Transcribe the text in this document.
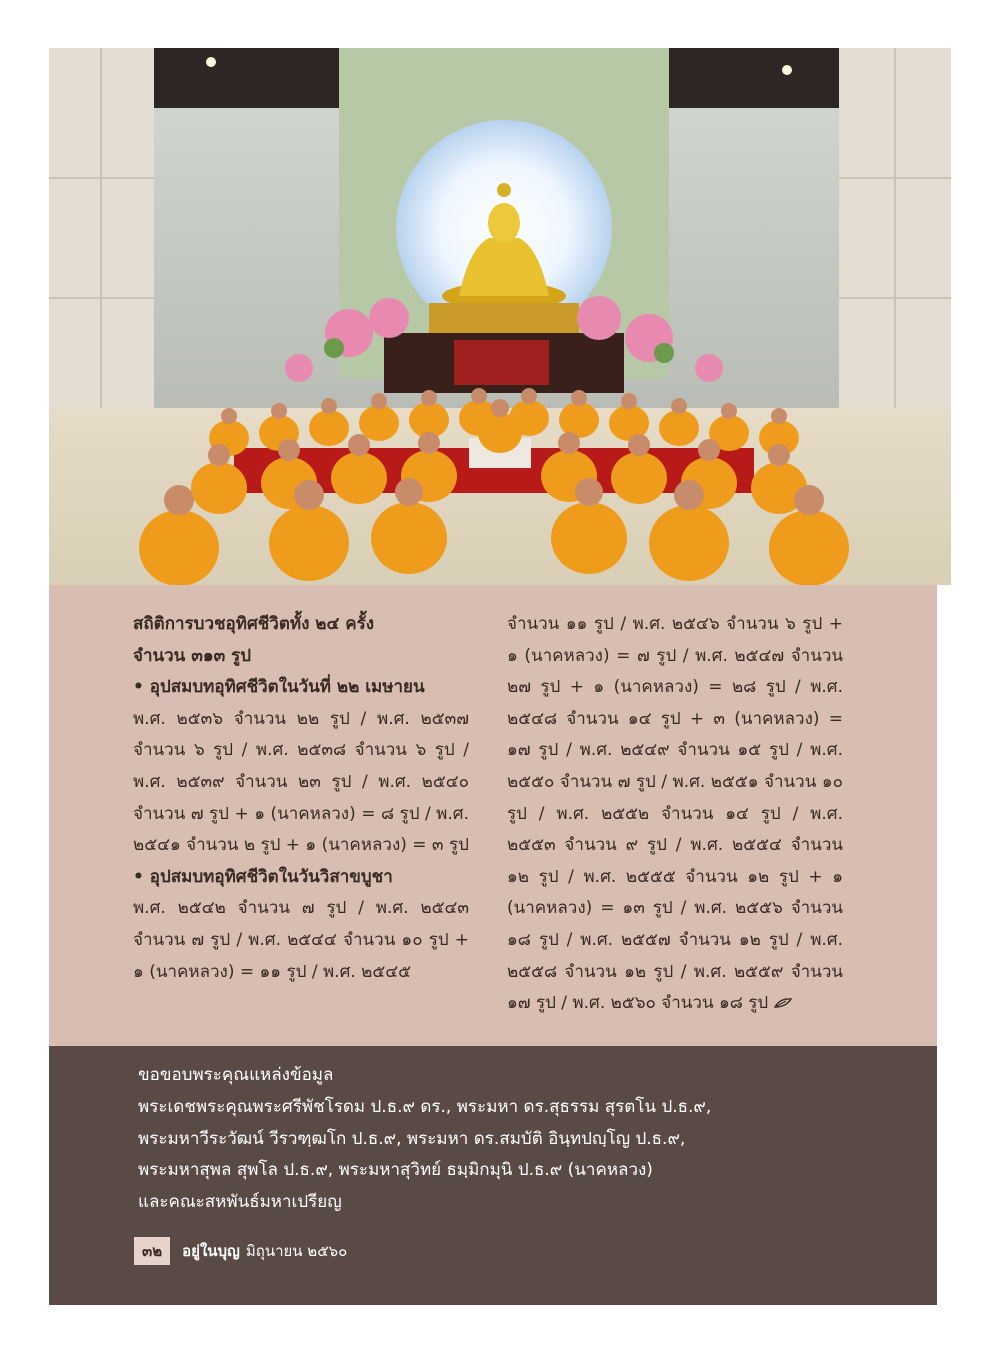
สถิติการบวชอุทิศชีวิตทั้ง ๒๔ ครั้ง

จำนวน ๓๑๓ รูป

• อุปสมบทอุทิศชีวิตในวันที่ ๒๒ เมษายน

พ.ศ. ๒๕๓๖ จำนวน ๒๒ รูป / พ.ศ. ๒๕๓๗ จำนวน ๖ รูป / พ.ศ. ๒๕๓๘ จำนวน ๖ รูป / พ.ศ. ๒๕๓๙ จำนวน ๒๓ รูป / พ.ศ. ๒๕๔๐ จำนวน ๗ รูป + ๑ (นาคหลวง) = ๘ รูป / พ.ศ. ๒๕๔๑ จำนวน ๒ รูป + ๑ (นาคหลวง) = ๓ รูป

• อุปสมบทอุทิศชีวิตในวันวิสาขบูชา

พ.ศ. ๒๕๔๒ จำนวน ๗ รูป / พ.ศ. ๒๕๔๓ จำนวน ๗ รูป / พ.ศ. ๒๕๔๔ จำนวน ๑๐ รูป + ๑ (นาคหลวง) = ๑๑ รูป / พ.ศ. ๒๕๔๕

จำนวน ๑๑ รูป / พ.ศ. ๒๕๔๖ จำนวน ๖ รูป + ๑ (นาคหลวง) = ๗ รูป / พ.ศ. ๒๕๔๗ จำนวน ๒๗ รูป + ๑ (นาคหลวง) = ๒๘ รูป / พ.ศ. ๒๕๔๘ จำนวน ๑๔ รูป + ๓ (นาคหลวง) = ๑๗ รูป / พ.ศ. ๒๕๔๙ จำนวน ๑๕ รูป / พ.ศ. ๒๕๕๐ จำนวน ๗ รูป / พ.ศ. ๒๕๕๑ จำนวน ๑๐ รูป / พ.ศ. ๒๕๕๒ จำนวน ๑๔ รูป / พ.ศ. ๒๕๕๓ จำนวน ๙ รูป / พ.ศ. ๒๕๕๔ จำนวน ๑๒ รูป / พ.ศ. ๒๕๕๕ จำนวน ๑๒ รูป + ๑ (นาคหลวง) = ๑๓ รูป / พ.ศ. ๒๕๕๖ จำนวน ๑๘ รูป / พ.ศ. ๒๕๕๗ จำนวน ๑๒ รูป / พ.ศ. ๒๕๕๘ จำนวน ๑๒ รูป / พ.ศ. ๒๕๕๙ จำนวน ๑๗ รูป / พ.ศ. ๒๕๖๐ จำนวน ๑๘ รูป

ขอขอบพระคุณแหล่งข้อมูล
พระเดชพระคุณพระศรีพัชโรดม ป.ธ.๙ ดร., พระมหา ดร.สุธรรม สุรตโน ป.ธ.๙,
พระมหาวีระวัฒน์ วีรวฑฺฒโก ป.ธ.๙, พระมหา ดร.สมบัติ อินฺทปญฺโญ ป.ธ.๙,
พระมหาสุพล สุพโล ป.ธ.๙, พระมหาสุวิทย์ ธมฺมิกมุนิ ป.ธ.๙ (นาคหลวง)
และคณะสหพันธ์มหาเปรียญ
๓๒	อยู่ในบุญ มิถุนายน ๒๕๖๐
